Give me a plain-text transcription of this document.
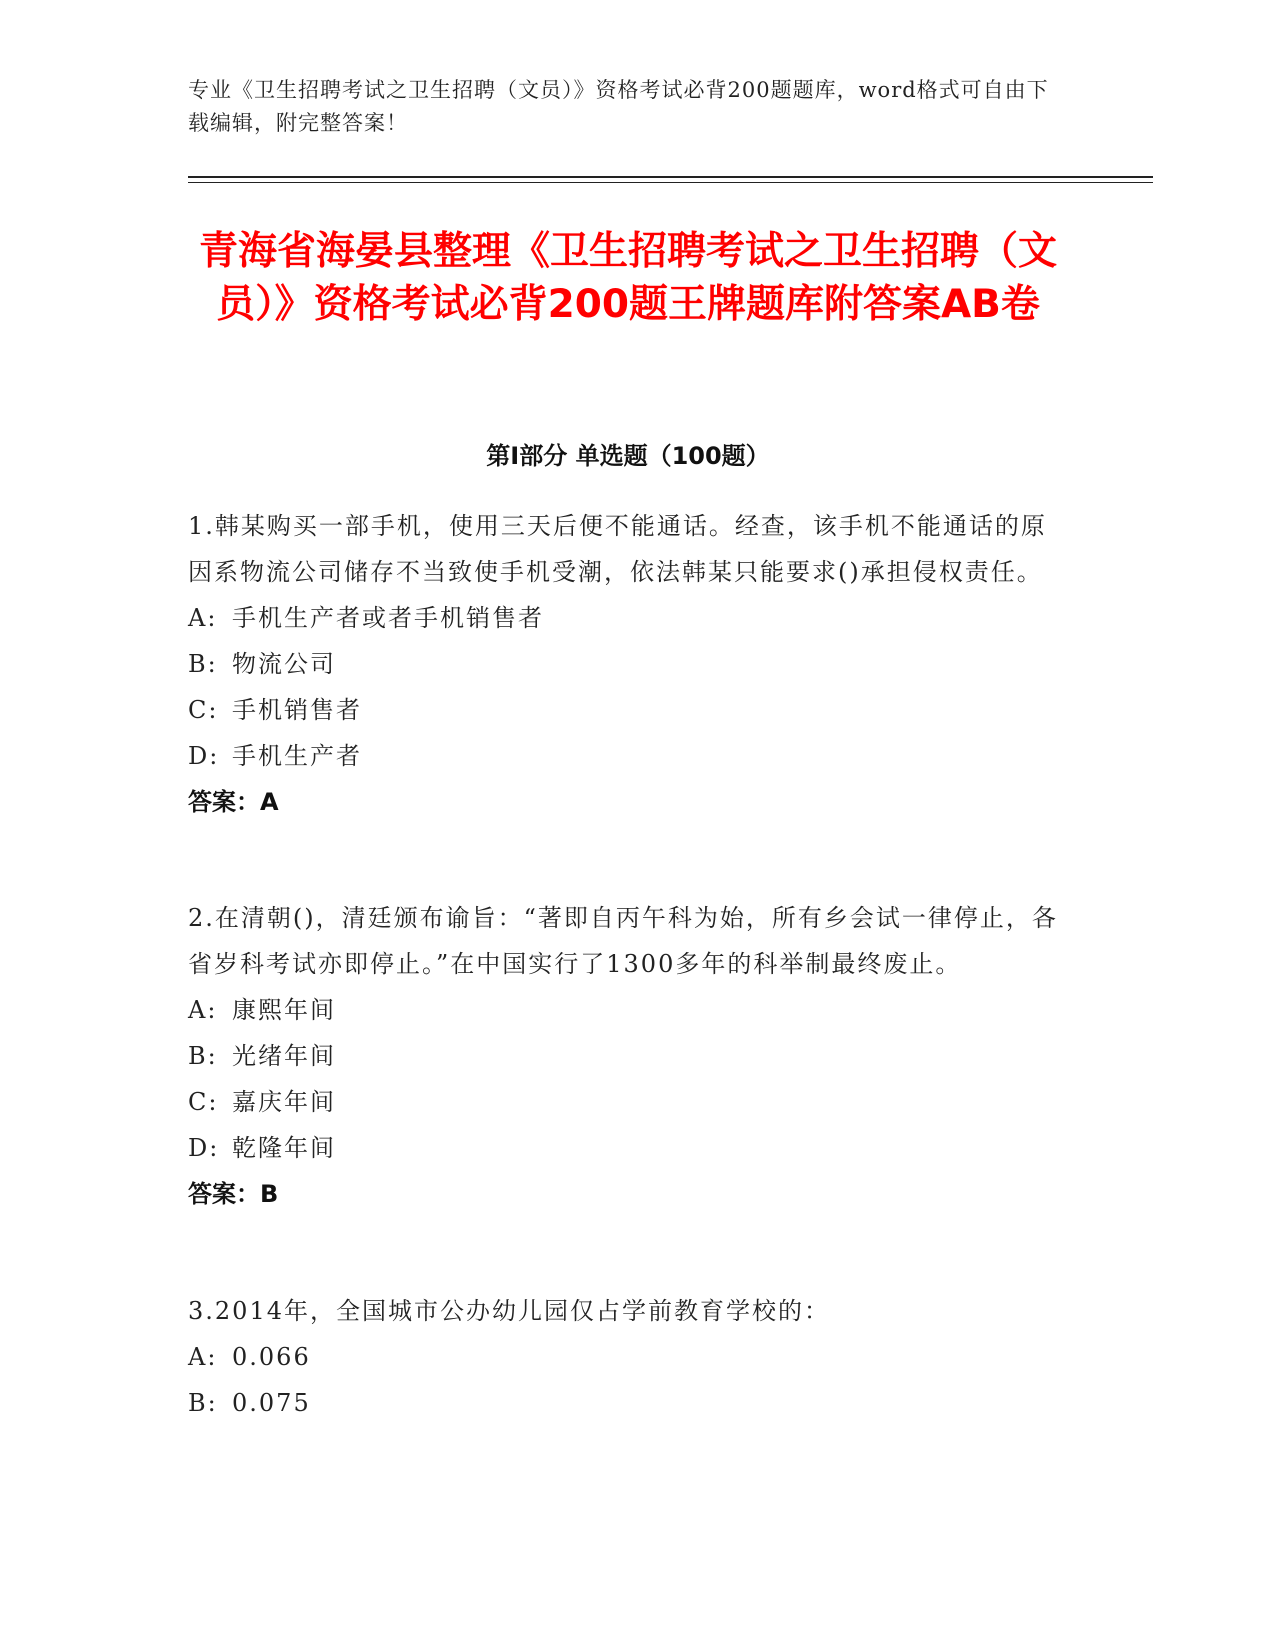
专业《卫生招聘考试之卫生招聘（文员）》资格考试必背200题题库，word格式可自由下载编辑，附完整答案！
青海省海晏县整理《卫生招聘考试之卫生招聘（文员）》资格考试必背200题王牌题库附答案AB卷
第I部分 单选题（100题）
1.韩某购买一部手机，使用三天后便不能通话。经查，该手机不能通话的原因系物流公司储存不当致使手机受潮，依法韩某只能要求()承担侵权责任。
A: 手机生产者或者手机销售者
B: 物流公司
C: 手机销售者
D: 手机生产者
答案：A
2.在清朝()，清廷颁布谕旨：“著即自丙午科为始，所有乡会试一律停止，各省岁科考试亦即停止。”在中国实行了1300多年的科举制最终废止。
A: 康熙年间
B: 光绪年间
C: 嘉庆年间
D: 乾隆年间
答案：B
3.2014年，全国城市公办幼儿园仅占学前教育学校的：
A: 0.066
B: 0.075
